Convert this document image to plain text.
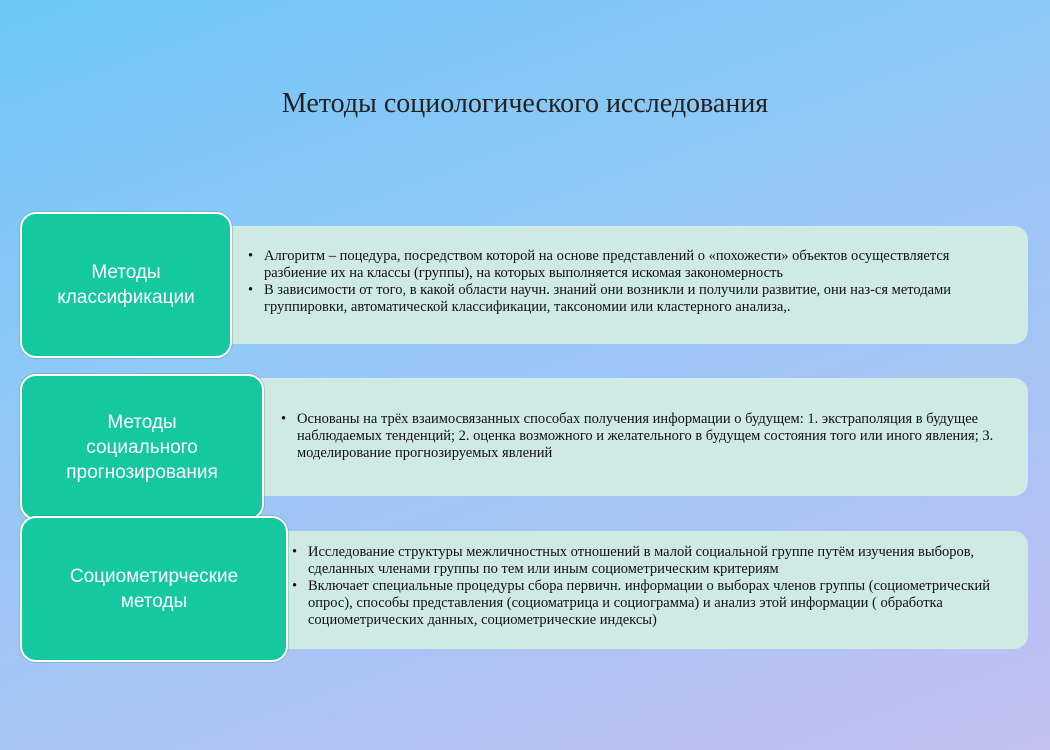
Методы социологического исследования
• Алгоритм – поцедура, посредством которой на основе представлений о «похожести» объектов осуществляется разбиение их на классы (группы), на которых выполняется искомая закономерность
• В зависимости от того, в какой области научн. знаний они возникли и получили развитие, они наз-ся методами группировки, автоматической классификации, таксономии или кластерного анализа,.
Методы
классификации
• Основаны на трёх взаимосвязанных способах получения информации о будущем: 1. экстраполяция в будущее наблюдаемых тенденций; 2. оценка возможного и желательного в будущем состояния того или иного явления; 3. моделирование прогнозируемых явлений
Методы
социального
прогнозирования
• Исследование структуры межличностных отношений в малой социальной группе путём изучения выборов, сделанных членами группы по тем или иным социометрическим критериям
• Включает специальные процедуры сбора первичн. информации о выборах членов группы (социометрический опрос), способы представления (социоматрица и социограмма) и анализ этой информации ( обработка социометрических данных, социометрические индексы)
Социометирческие
методы
